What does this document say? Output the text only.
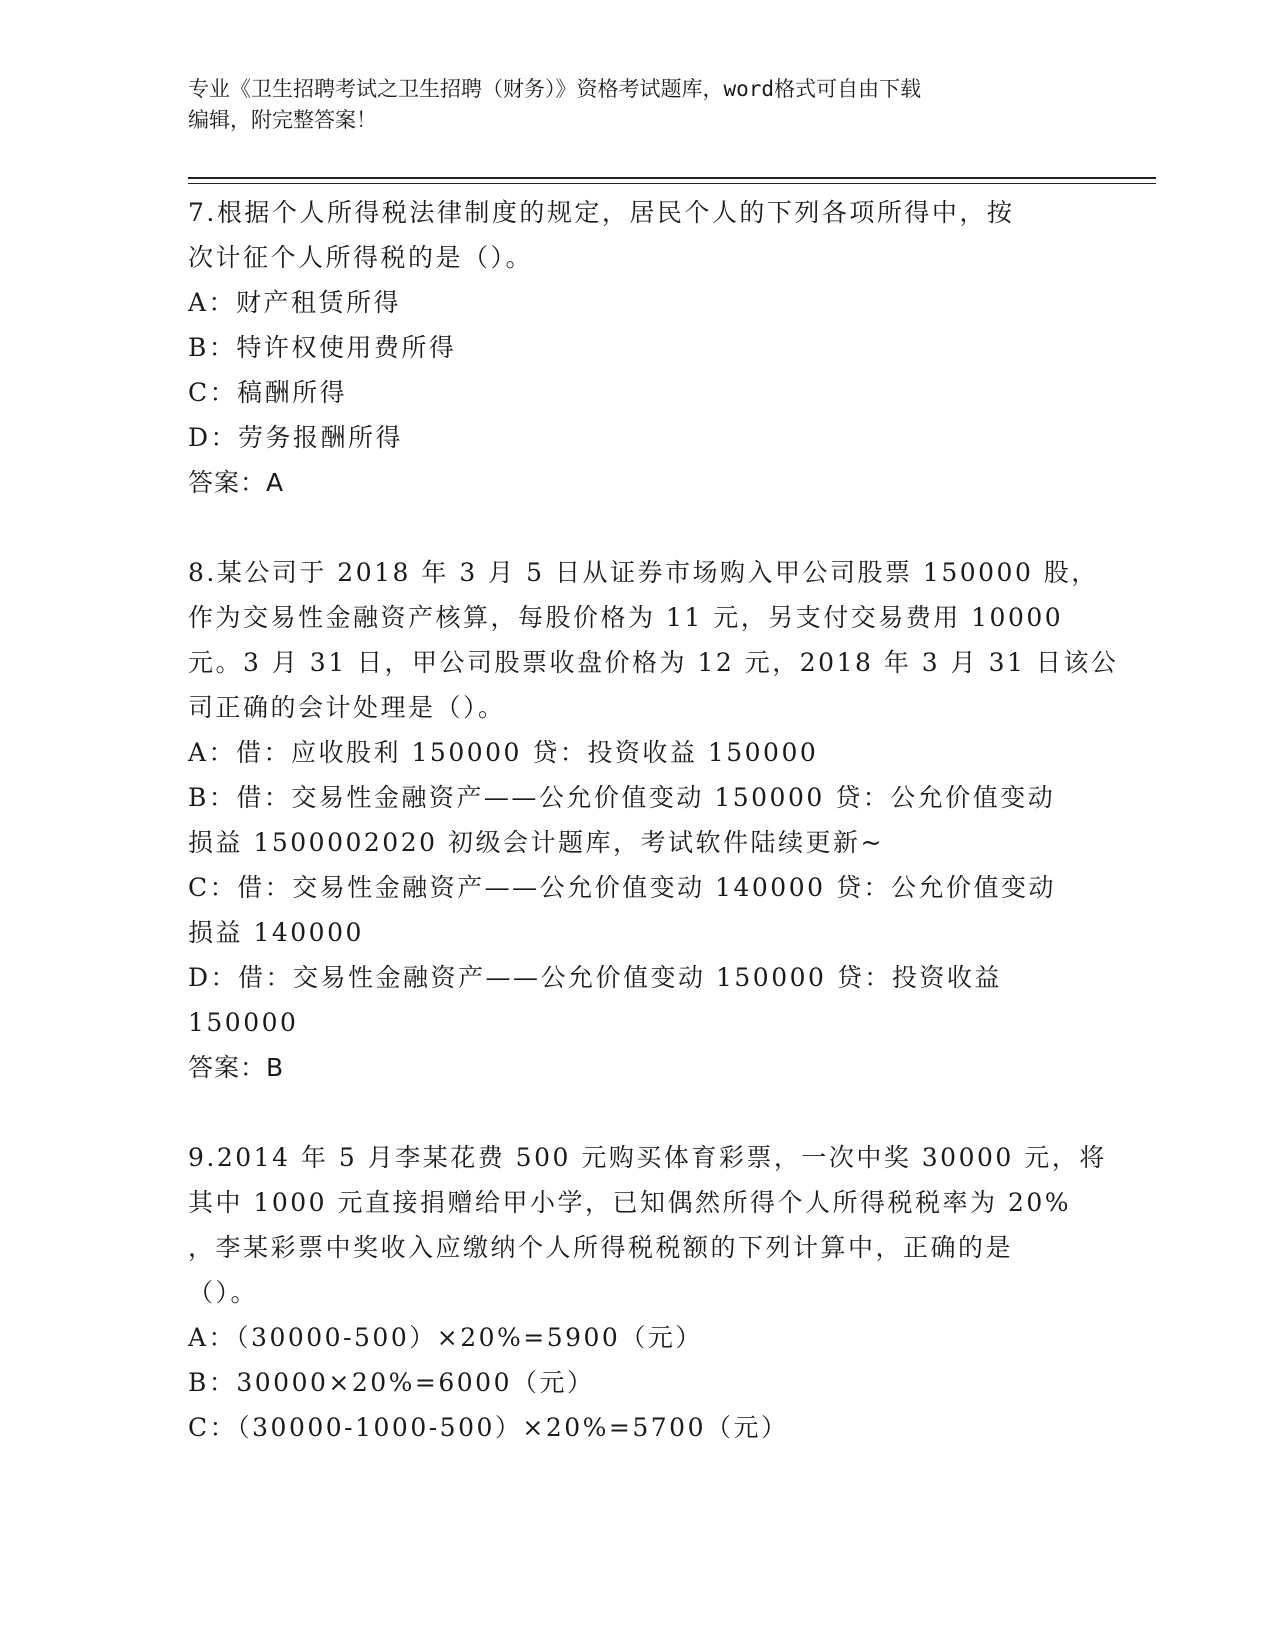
专业《卫生招聘考试之卫生招聘（财务）》资格考试题库，word格式可自由下载
编辑，附完整答案！
7.根据个人所得税法律制度的规定，居民个人的下列各项所得中，按
次计征个人所得税的是（）。
A：财产租赁所得
B：特许权使用费所得
C：稿酬所得
D：劳务报酬所得
答案：A
8.某公司于 2018 年 3 月 5 日从证券市场购入甲公司股票 150000 股，
作为交易性金融资产核算，每股价格为 11 元，另支付交易费用 10000
元。3 月 31 日，甲公司股票收盘价格为 12 元，2018 年 3 月 31 日该公
司正确的会计处理是（）。
A：借：应收股利 150000 贷：投资收益 150000
B：借：交易性金融资产——公允价值变动 150000 贷：公允价值变动
损益 1500002020 初级会计题库，考试软件陆续更新~
C：借：交易性金融资产——公允价值变动 140000 贷：公允价值变动
损益 140000
D：借：交易性金融资产——公允价值变动 150000 贷：投资收益
150000
答案：B
9.2014 年 5 月李某花费 500 元购买体育彩票，一次中奖 30000 元，将
其中 1000 元直接捐赠给甲小学，已知偶然所得个人所得税税率为 20%
，李某彩票中奖收入应缴纳个人所得税税额的下列计算中，正确的是
（）。
A：（30000-500）×20%=5900（元）
B：30000×20%=6000（元）
C：（30000-1000-500）×20%=5700（元）
